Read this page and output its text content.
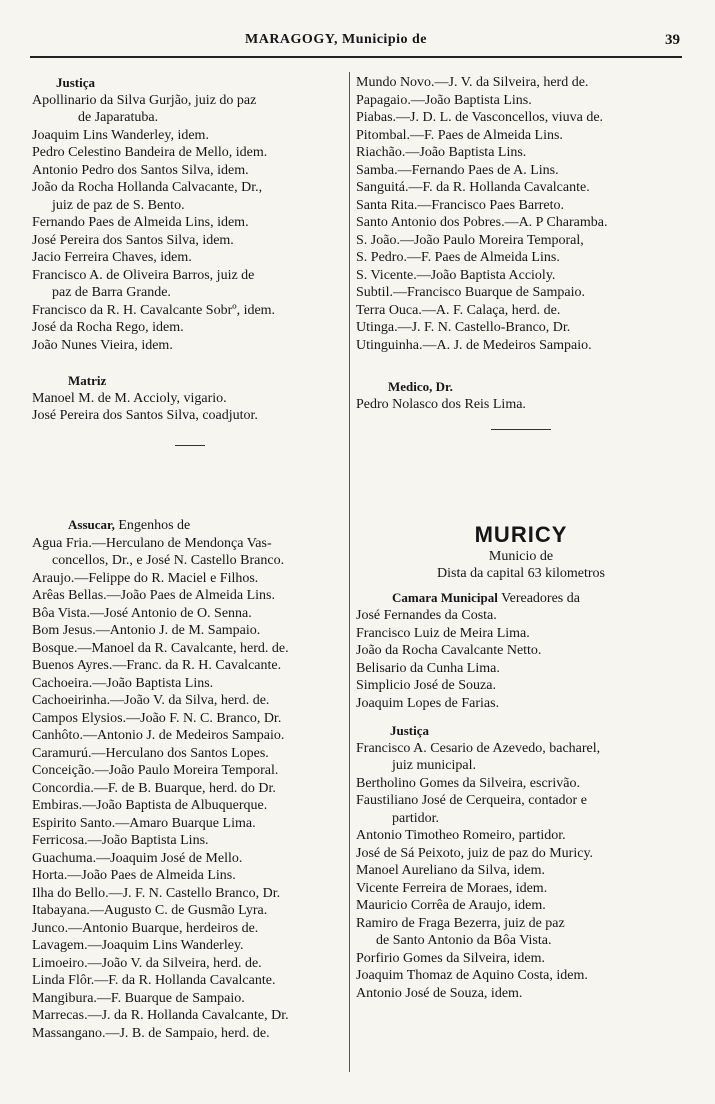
MARAGOGY, Municipio de	39
Justiça
Apollinario da Silva Gurjão, juiz do paz
de Japaratuba.
Joaquim Lins Wanderley, idem.
Pedro Celestino Bandeira de Mello, idem.
Antonio Pedro dos Santos Silva, idem.
João da Rocha Hollanda Calvacante, Dr.,
juiz de paz de S. Bento.
Fernando Paes de Almeida Lins, idem.
José Pereira dos Santos Silva, idem.
Jacio Ferreira Chaves, idem.
Francisco A. de Oliveira Barros, juiz de
paz de Barra Grande.
Francisco da R. H. Cavalcante Sobrº, idem.
José da Rocha Rego, idem.
João Nunes Vieira, idem.
Matriz
Manoel M. de M. Accioly, vigario.
José Pereira dos Santos Silva, coadjutor.
Assucar, Engenhos de
Agua Fria.—Herculano de Mendonça Vas-
concellos, Dr., e José N. Castello Branco.
Araujo.—Felippe do R. Maciel e Filhos.
Arêas Bellas.—João Paes de Almeida Lins.
Bôa Vista.—José Antonio de O. Senna.
Bom Jesus.—Antonio J. de M. Sampaio.
Bosque.—Manoel da R. Cavalcante, herd. de.
Buenos Ayres.—Franc. da R. H. Cavalcante.
Cachoeira.—João Baptista Lins.
Cachoeirinha.—João V. da Silva, herd. de.
Campos Elysios.—João F. N. C. Branco, Dr.
Canhôto.—Antonio J. de Medeiros Sampaio.
Caramurú.—Herculano dos Santos Lopes.
Conceição.—João Paulo Moreira Temporal.
Concordia.—F. de B. Buarque, herd. do Dr.
Embiras.—João Baptista de Albuquerque.
Espirito Santo.—Amaro Buarque Lima.
Ferricosa.—João Baptista Lins.
Guachuma.—Joaquim José de Mello.
Horta.—João Paes de Almeida Lins.
Ilha do Bello.—J. F. N. Castello Branco, Dr.
Itabayana.—Augusto C. de Gusmão Lyra.
Junco.—Antonio Buarque, herdeiros de.
Lavagem.—Joaquim Lins Wanderley.
Limoeiro.—João V. da Silveira, herd. de.
Linda Flôr.—F. da R. Hollanda Cavalcante.
Mangibura.—F. Buarque de Sampaio.
Marrecas.—J. da R. Hollanda Cavalcante, Dr.
Massangano.—J. B. de Sampaio, herd. de.
Mundo Novo.—J. V. da Silveira, herd de.
Papagaio.—João Baptista Lins.
Piabas.—J. D. L. de Vasconcellos, viuva de.
Pitombal.—F. Paes de Almeida Lins.
Riachão.—João Baptista Lins.
Samba.—Fernando Paes de A. Lins.
Sanguitá.—F. da R. Hollanda Cavalcante.
Santa Rita.—Francisco Paes Barreto.
Santo Antonio dos Pobres.—A. P Charamba.
S. João.—João Paulo Moreira Temporal,
S. Pedro.—F. Paes de Almeida Lins.
S. Vicente.—João Baptista Accioly.
Subtil.—Francisco Buarque de Sampaio.
Terra Ouca.—A. F. Calaça, herd. de.
Utinga.—J. F. N. Castello-Branco, Dr.
Utinguinha.—A. J. de Medeiros Sampaio.
Medico, Dr.
Pedro Nolasco dos Reis Lima.
MURICY
Municio de
Dista da capital 63 kilometros
Camara Municipal Vereadores da
José Fernandes da Costa.
Francisco Luiz de Meira Lima.
João da Rocha Cavalcante Netto.
Belisario da Cunha Lima.
Simplicio José de Souza.
Joaquim Lopes de Farias.
Justiça
Francisco A. Cesario de Azevedo, bacharel,
juiz municipal.
Bertholino Gomes da Silveira, escrivão.
Faustiliano José de Cerqueira, contador e
partidor.
Antonio Timotheo Romeiro, partidor.
José de Sá Peixoto, juiz de paz do Muricy.
Manoel Aureliano da Silva, idem.
Vicente Ferreira de Moraes, idem.
Mauricio Corrêa de Araujo, idem.
Ramiro de Fraga Bezerra, juiz de paz
de Santo Antonio da Bôa Vista.
Porfirio Gomes da Silveira, idem.
Joaquim Thomaz de Aquino Costa, idem.
Antonio José de Souza, idem.
